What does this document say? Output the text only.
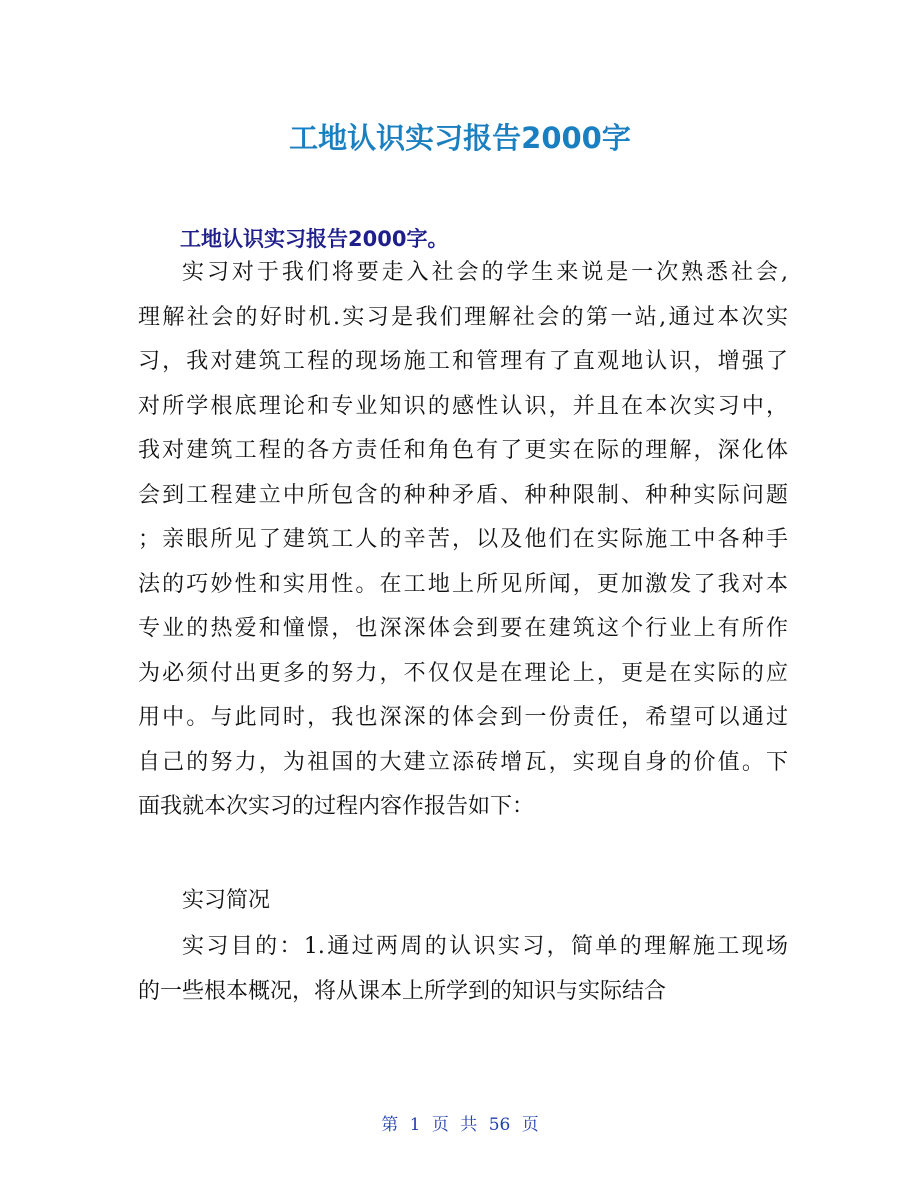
工地认识实习报告2000字
工地认识实习报告2000字。
实习对于我们将要走入社会的学生来说是一次熟悉社会,
理解社会的好时机.实习是我们理解社会的第一站,通过本次实
习，我对建筑工程的现场施工和管理有了直观地认识，增强了
对所学根底理论和专业知识的感性认识，并且在本次实习中，
我对建筑工程的各方责任和角色有了更实在际的理解，深化体
会到工程建立中所包含的种种矛盾、种种限制、种种实际问题
；亲眼所见了建筑工人的辛苦，以及他们在实际施工中各种手
法的巧妙性和实用性。在工地上所见所闻，更加激发了我对本
专业的热爱和憧憬，也深深体会到要在建筑这个行业上有所作
为必须付出更多的努力，不仅仅是在理论上，更是在实际的应
用中。与此同时，我也深深的体会到一份责任，希望可以通过
自己的努力，为祖国的大建立添砖增瓦，实现自身的价值。下
面我就本次实习的过程内容作报告如下：
实习简况
实习目的：1.通过两周的认识实习，简单的理解施工现场
的一些根本概况，将从课本上所学到的知识与实际结合
第 1 页 共 56 页
